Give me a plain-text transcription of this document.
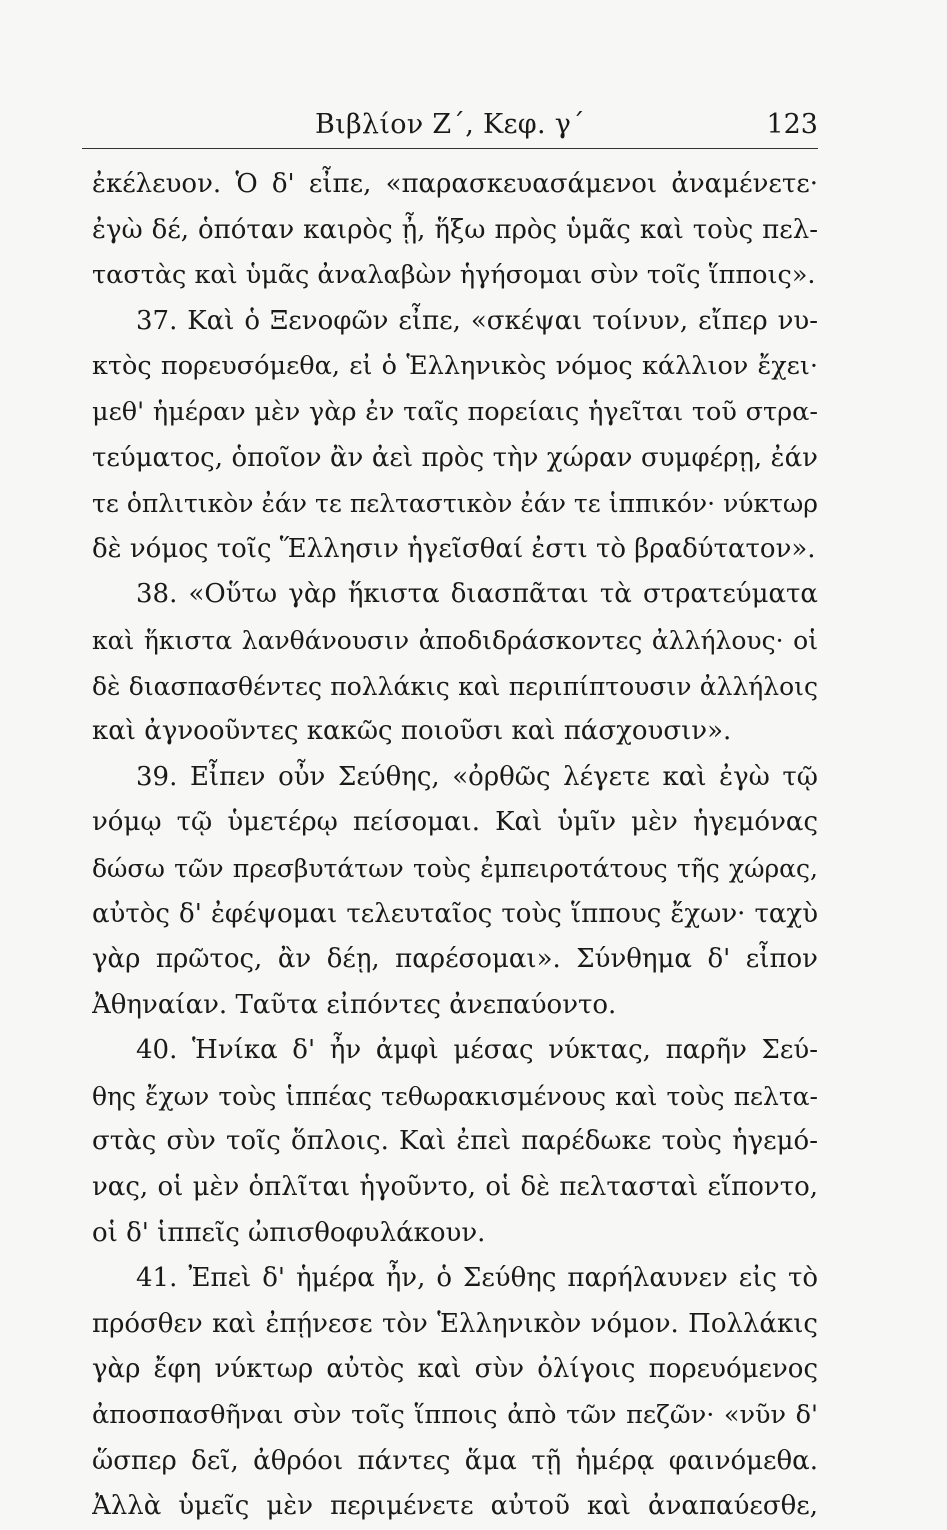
Βιβλίον Ζ΄, Κεφ. γ΄	123
ἐκέλευον. Ὁ δ' εἶπε, «παρασκευασάμενοι ἀναμένετε·
ἐγὼ δέ, ὁπόταν καιρὸς ᾖ, ἥξω πρὸς ὑμᾶς καὶ τοὺς πελ-
ταστὰς καὶ ὑμᾶς ἀναλαβὼν ἡγήσομαι σὺν τοῖς ἵπποις».
37. Καὶ ὁ Ξενοφῶν εἶπε, «σκέψαι τοίνυν, εἴπερ νυ-
κτὸς πορευσόμεθα, εἰ ὁ Ἑλληνικὸς νόμος κάλλιον ἔχει·
μεθ' ἡμέραν μὲν γὰρ ἐν ταῖς πορείαις ἡγεῖται τοῦ στρα-
τεύματος, ὁποῖον ἂν ἀεὶ πρὸς τὴν χώραν συμφέρῃ, ἐάν
τε ὁπλιτικὸν ἐάν τε πελταστικὸν ἐάν τε ἱππικόν· νύκτωρ
δὲ νόμος τοῖς Ἕλλησιν ἡγεῖσθαί ἐστι τὸ βραδύτατον».
38. «Οὕτω γὰρ ἥκιστα διασπᾶται τὰ στρατεύματα
καὶ ἥκιστα λανθάνουσιν ἀποδιδράσκοντες ἀλλήλους· οἱ
δὲ διασπασθέντες πολλάκις καὶ περιπίπτουσιν ἀλλήλοις
καὶ ἀγνοοῦντες κακῶς ποιοῦσι καὶ πάσχουσιν».
39. Εἶπεν οὖν Σεύθης, «ὀρθῶς λέγετε καὶ ἐγὼ τῷ
νόμῳ τῷ ὑμετέρῳ πείσομαι. Καὶ ὑμῖν μὲν ἡγεμόνας
δώσω τῶν πρεσβυτάτων τοὺς ἐμπειροτάτους τῆς χώρας,
αὐτὸς δ' ἐφέψομαι τελευταῖος τοὺς ἵππους ἔχων· ταχὺ
γὰρ πρῶτος, ἂν δέῃ, παρέσομαι». Σύνθημα δ' εἶπον
Ἀθηναίαν. Ταῦτα εἰπόντες ἀνεπαύοντο.
40. Ἡνίκα δ' ἦν ἀμφὶ μέσας νύκτας, παρῆν Σεύ-
θης ἔχων τοὺς ἱππέας τεθωρακισμένους καὶ τοὺς πελτα-
στὰς σὺν τοῖς ὅπλοις. Καὶ ἐπεὶ παρέδωκε τοὺς ἡγεμό-
νας, οἱ μὲν ὁπλῖται ἡγοῦντο, οἱ δὲ πελτασταὶ εἵποντο,
οἱ δ' ἱππεῖς ὠπισθοφυλάκουν.
41. Ἐπεὶ δ' ἡμέρα ἦν, ὁ Σεύθης παρήλαυνεν εἰς τὸ
πρόσθεν καὶ ἐπῄνεσε τὸν Ἑλληνικὸν νόμον. Πολλάκις
γὰρ ἔφη νύκτωρ αὐτὸς καὶ σὺν ὀλίγοις πορευόμενος
ἀποσπασθῆναι σὺν τοῖς ἵπποις ἀπὸ τῶν πεζῶν· «νῦν δ'
ὥσπερ δεῖ, ἀθρόοι πάντες ἅμα τῇ ἡμέρᾳ φαινόμεθα.
Ἀλλὰ ὑμεῖς μὲν περιμένετε αὐτοῦ καὶ ἀναπαύεσθε,
